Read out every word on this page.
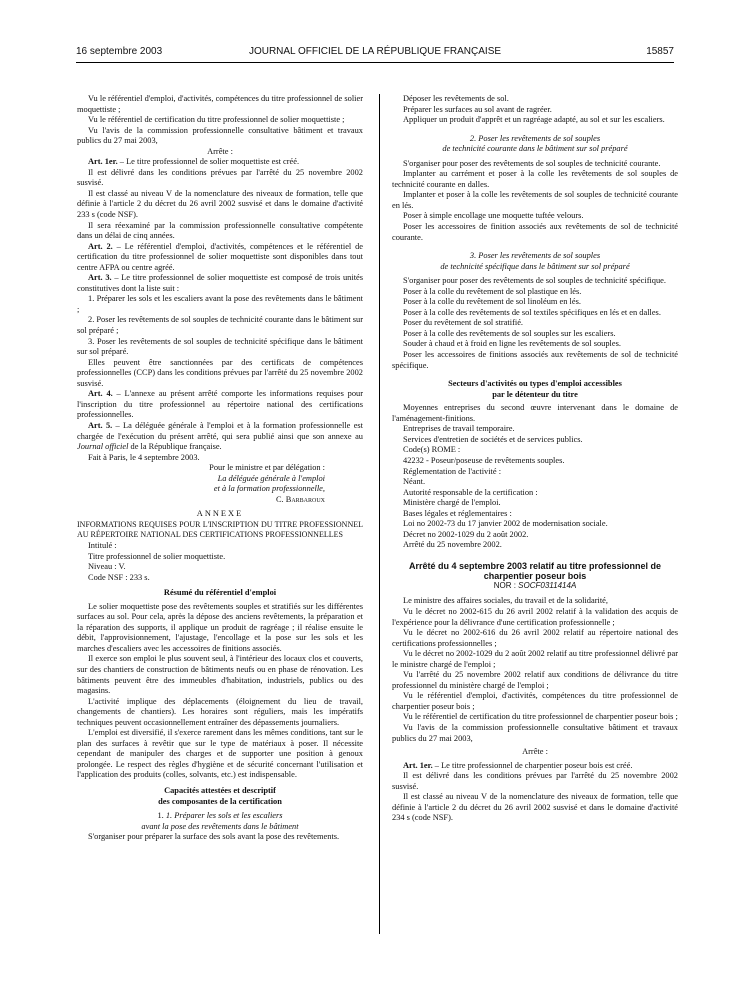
16 septembre 2003	JOURNAL OFFICIEL DE LA RÉPUBLIQUE FRANÇAISE	15857

Vu le référentiel d'emploi, d'activités, compétences du titre professionnel de solier moquettiste ;

Vu le référentiel de certification du titre professionnel de solier moquettiste ;

Vu l'avis de la commission professionnelle consultative bâtiment et travaux publics du 27 mai 2003,

Arrête :

Art. 1er. – Le titre professionnel de solier moquettiste est créé.

Il est délivré dans les conditions prévues par l'arrêté du 25 novembre 2002 susvisé.

Il est classé au niveau V de la nomenclature des niveaux de formation, telle que définie à l'article 2 du décret du 26 avril 2002 susvisé et dans le domaine d'activité 233 s (code NSF).

Il sera réexaminé par la commission professionnelle consultative compétente dans un délai de cinq années.

Art. 2. – Le référentiel d'emploi, d'activités, compétences et le référentiel de certification du titre professionnel de solier moquettiste sont disponibles dans tout centre AFPA ou centre agréé.

Art. 3. – Le titre professionnel de solier moquettiste est composé de trois unités constitutives dont la liste suit :

1. Préparer les sols et les escaliers avant la pose des revêtements dans le bâtiment ;

2. Poser les revêtements de sol souples de technicité courante dans le bâtiment sur sol préparé ;

3. Poser les revêtements de sol souples de technicité spécifique dans le bâtiment sur sol préparé.

Elles peuvent être sanctionnées par des certificats de compétences professionnelles (CCP) dans les conditions prévues par l'arrêté du 25 novembre 2002 susvisé.

Art. 4. – L'annexe au présent arrêté comporte les informations requises pour l'inscription du titre professionnel au répertoire national des certifications professionnelles.

Art. 5. – La déléguée générale à l'emploi et à la formation professionnelle est chargée de l'exécution du présent arrêté, qui sera publié ainsi que son annexe au Journal officiel de la République française.

Fait à Paris, le 4 septembre 2003.

Pour le ministre et par délégation :

La déléguée générale à l'emploi

et à la formation professionnelle,

C. Barbaroux

ANNEXE

INFORMATIONS REQUISES POUR L'INSCRIPTION DU TITRE PROFESSIONNEL AU RÉPERTOIRE NATIONAL DES CERTIFICATIONS PROFESSIONNELLES

Intitulé :

Titre professionnel de solier moquettiste.

Niveau : V.

Code NSF : 233 s.

Résumé du référentiel d'emploi

Le solier moquettiste pose des revêtements souples et stratifiés sur les différentes surfaces au sol. Pour cela, après la dépose des anciens revêtements, la préparation et la réparation des supports, il applique un produit de ragréage ; il réalise ensuite le débit, l'approvisionnement, l'ajustage, l'encollage et la pose sur les sols et les marches d'escaliers avec les accessoires de finitions associés.

Il exerce son emploi le plus souvent seul, à l'intérieur des locaux clos et couverts, sur des chantiers de construction de bâtiments neufs ou en phase de rénovation. Les bâtiments peuvent être des immeubles d'habitation, industriels, publics ou des magasins.

L'activité implique des déplacements (éloignement du lieu de travail, changements de chantiers). Les horaires sont réguliers, mais les impératifs techniques peuvent occasionnellement entraîner des dépassements journaliers.

L'emploi est diversifié, il s'exerce rarement dans les mêmes conditions, tant sur le plan des surfaces à revêtir que sur le type de matériaux à poser. Il nécessite cependant de manipuler des charges et de supporter une position à genoux prolongée. Le respect des règles d'hygiène et de sécurité concernant l'utilisation et l'application des produits (colles, solvants, etc.) est indispensable.

Capacités attestées et descriptif

des composantes de la certification

1. 1. Préparer les sols et les escaliers

avant la pose des revêtements dans le bâtiment

S'organiser pour préparer la surface des sols avant la pose des revêtements.

Déposer les revêtements de sol.

Préparer les surfaces au sol avant de ragréer.

Appliquer un produit d'apprêt et un ragréage adapté, au sol et sur les escaliers.

2. Poser les revêtements de sol souples

de technicité courante dans le bâtiment sur sol préparé

S'organiser pour poser des revêtements de sol souples de technicité courante.

Implanter au carrément et poser à la colle les revêtements de sol souples de technicité courante en dalles.

Implanter et poser à la colle les revêtements de sol souples de technicité courante en lés.

Poser à simple encollage une moquette tuftée velours.

Poser les accessoires de finition associés aux revêtements de sol de technicité courante.

3. Poser les revêtements de sol souples

de technicité spécifique dans le bâtiment sur sol préparé

S'organiser pour poser des revêtements de sol souples de technicité spécifique.

Poser à la colle du revêtement de sol plastique en lés.

Poser à la colle du revêtement de sol linoléum en lés.

Poser à la colle des revêtements de sol textiles spécifiques en lés et en dalles.

Poser du revêtement de sol stratifié.

Poser à la colle des revêtements de sol souples sur les escaliers.

Souder à chaud et à froid en ligne les revêtements de sol souples.

Poser les accessoires de finitions associés aux revêtements de sol de technicité spécifique.

Secteurs d'activités ou types d'emploi accessibles

par le détenteur du titre

Moyennes entreprises du second œuvre intervenant dans le domaine de l'aménagement-finitions.

Entreprises de travail temporaire.

Services d'entretien de sociétés et de services publics.

Code(s) ROME :

42232 - Poseur/poseuse de revêtements souples.

Réglementation de l'activité :

Néant.

Autorité responsable de la certification :

Ministère chargé de l'emploi.

Bases légales et réglementaires :

Loi no 2002-73 du 17 janvier 2002 de modernisation sociale.

Décret no 2002-1029 du 2 août 2002.

Arrêté du 25 novembre 2002.

Arrêté du 4 septembre 2003 relatif au titre professionnel de charpentier poseur bois

NOR : SOCF0311414A

Le ministre des affaires sociales, du travail et de la solidarité,

Vu le décret no 2002-615 du 26 avril 2002 relatif à la validation des acquis de l'expérience pour la délivrance d'une certification professionnelle ;

Vu le décret no 2002-616 du 26 avril 2002 relatif au répertoire national des certifications professionnelles ;

Vu le décret no 2002-1029 du 2 août 2002 relatif au titre professionnel délivré par le ministre chargé de l'emploi ;

Vu l'arrêté du 25 novembre 2002 relatif aux conditions de délivrance du titre professionnel du ministère chargé de l'emploi ;

Vu le référentiel d'emploi, d'activités, compétences du titre professionnel de charpentier poseur bois ;

Vu le référentiel de certification du titre professionnel de charpentier poseur bois ;

Vu l'avis de la commission professionnelle consultative bâtiment et travaux publics du 27 mai 2003,

Arrête :

Art. 1er. – Le titre professionnel de charpentier poseur bois est créé.

Il est délivré dans les conditions prévues par l'arrêté du 25 novembre 2002 susvisé.

Il est classé au niveau V de la nomenclature des niveaux de formation, telle que définie à l'article 2 du décret du 26 avril 2002 susvisé et dans le domaine d'activité 234 s (code NSF).
